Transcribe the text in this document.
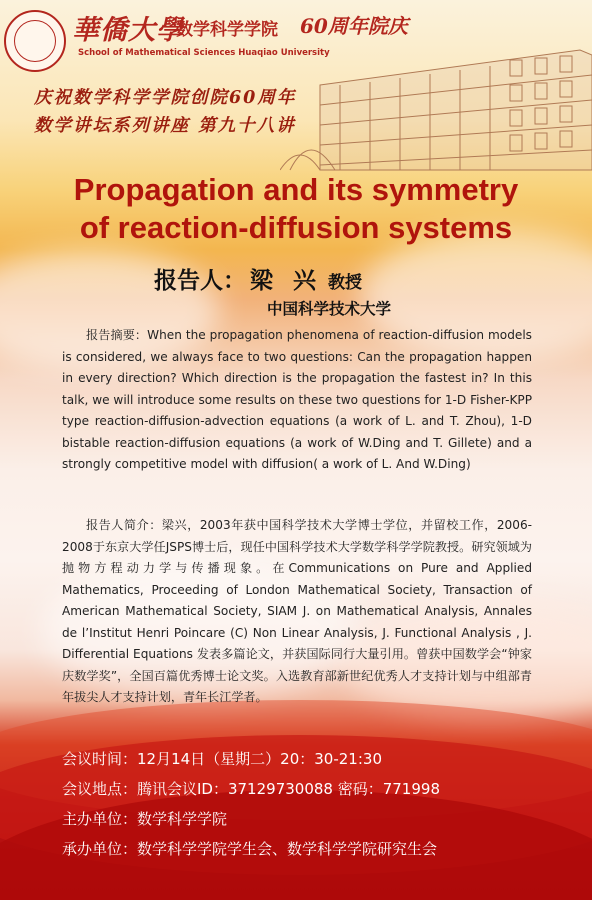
華僑大學
数学科学学院 60周年院庆
School of Mathematical Sciences Huaqiao University
庆祝数学科学学院创院60周年
数学讲坛系列讲座 第九十八讲
Propagation and its symmetry
of reaction-diffusion systems
报告人： 梁 兴 教授
中国科学技术大学

报告摘要：When the propagation phenomena of reaction-diffusion models is considered, we always face to two questions: Can the propagation happen in every direction? Which direction is the propagation the fastest in? In this talk, we will introduce some results on these two questions for 1-D Fisher-KPP type reaction-diffusion-advection equations (a work of L. and T. Zhou), 1-D bistable reaction-diffusion equations (a work of W.Ding and T. Gillete) and a strongly competitive model with diffusion( a work of L. And W.Ding)

报告人简介：梁兴，2003年获中国科学技术大学博士学位，并留校工作，2006-2008于东京大学任JSPS博士后，现任中国科学技术大学数学科学学院教授。研究领域为抛物方程动力学与传播现象。在Communications on Pure and Applied Mathematics, Proceeding of London Mathematical Society, Transaction of American Mathematical Society, SIAM J. on Mathematical Analysis, Annales de l’Institut Henri Poincare (C) Non Linear Analysis, J. Functional Analysis , J. Differential Equations 发表多篇论文，并获国际同行大量引用。曾获中国数学会“钟家庆数学奖”，全国百篇优秀博士论文奖。入选教育部新世纪优秀人才支持计划与中组部青年拔尖人才支持计划，青年长江学者。

会议时间：12月14日（星期二）20：30-21:30
会议地点：腾讯会议ID：37129730088 密码：771998
主办单位：数学科学学院
承办单位：数学科学学院学生会、数学科学学院研究生会
